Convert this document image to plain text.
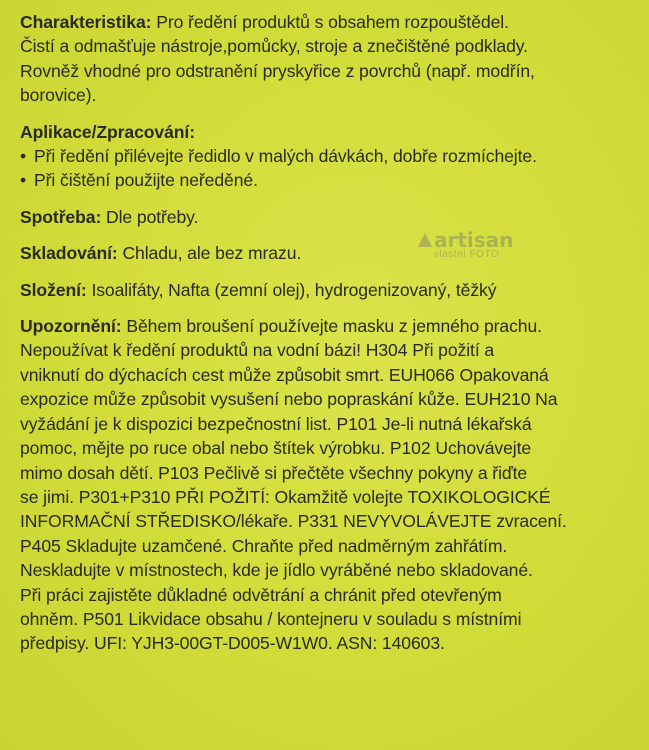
Charakteristika: Pro ředění produktů s obsahem rozpouštědel.

Čistí a odmašťuje nástroje,pomůcky, stroje a znečištěné podklady.

Rovněž vhodné pro odstranění pryskyřice z povrchů (např. modřín,

borovice).

Aplikace/Zpracování:

• Při ředění přilévejte ředidlo v malých dávkách, dobře rozmíchejte.
• Při čištění použijte neředěné.

Spotřeba: Dle potřeby.

Skladování: Chladu, ale bez mrazu.

Složení: Isoalifáty, Nafta (zemní olej), hydrogenizovaný, těžký

Upozornění: Během broušení používejte masku z jemného prachu.

Nepoužívat k ředění produktů na vodní bázi! H304 Při požití a

vniknutí do dýchacích cest může způsobit smrt. EUH066 Opakovaná

expozice může způsobit vysušení nebo popraskání kůže. EUH210 Na

vyžádání je k dispozici bezpečnostní list. P101 Je-li nutná lékařská

pomoc, mějte po ruce obal nebo štítek výrobku. P102 Uchovávejte

mimo dosah dětí. P103 Pečlivě si přečtěte všechny pokyny a řiďte

se jimi. P301+P310 PŘI POŽITÍ: Okamžitě volejte TOXIKOLOGICKÉ

INFORMAČNÍ STŘEDISKO/lékaře. P331 NEVYVOLÁVEJTE zvracení.

P405 Skladujte uzamčené. Chraňte před nadměrným zahřátím.

Neskladujte v místnostech, kde je jídlo vyráběné nebo skladované.

Při práci zajistěte důkladné odvětrání a chránit před otevřeným

ohněm. P501 Likvidace obsahu / kontejneru v souladu s místními

předpisy. UFI: YJH3-00GT-D005-W1W0. ASN: 140603.

artisan
vlastní FOTO
